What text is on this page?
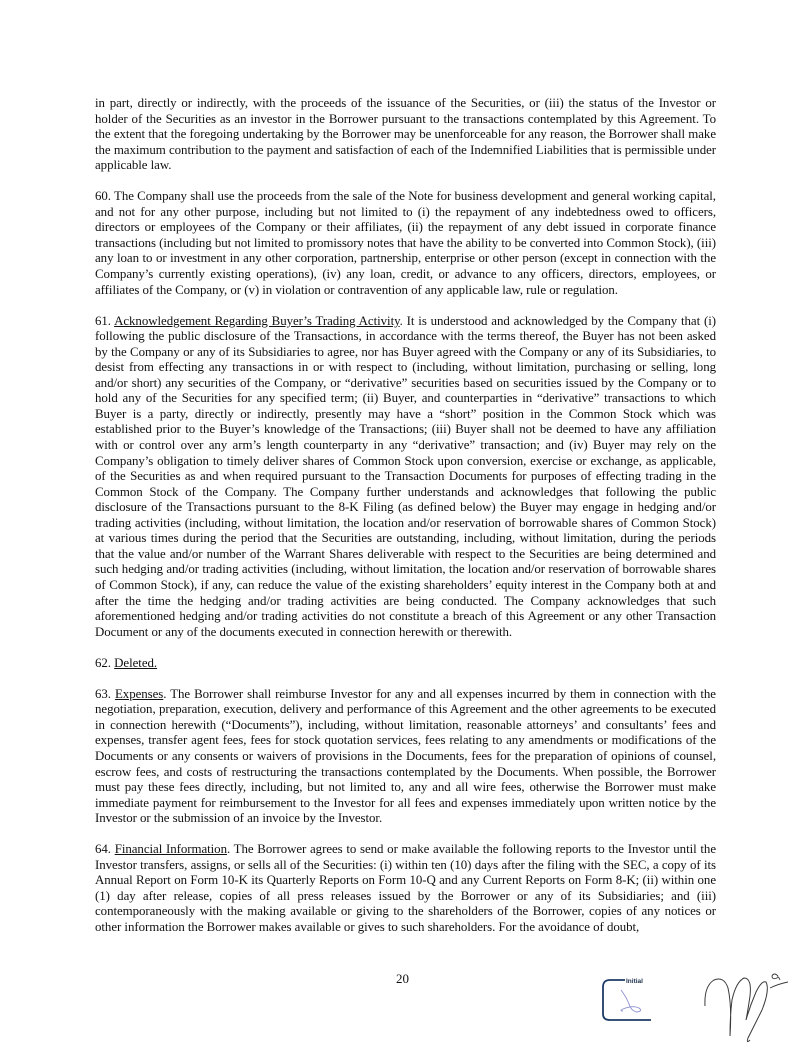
in part, directly or indirectly, with the proceeds of the issuance of the Securities, or (iii) the status of the Investor or holder of the Securities as an investor in the Borrower pursuant to the transactions contemplated by this Agreement. To the extent that the foregoing undertaking by the Borrower may be unenforceable for any reason, the Borrower shall make the maximum contribution to the payment and satisfaction of each of the Indemnified Liabilities that is permissible under applicable law.

60. The Company shall use the proceeds from the sale of the Note for business development and general working capital, and not for any other purpose, including but not limited to (i) the repayment of any indebtedness owed to officers, directors or employees of the Company or their affiliates, (ii) the repayment of any debt issued in corporate finance transactions (including but not limited to promissory notes that have the ability to be converted into Common Stock), (iii) any loan to or investment in any other corporation, partnership, enterprise or other person (except in connection with the Company’s currently existing operations), (iv) any loan, credit, or advance to any officers, directors, employees, or affiliates of the Company, or (v) in violation or contravention of any applicable law, rule or regulation.

61. Acknowledgement Regarding Buyer’s Trading Activity. It is understood and acknowledged by the Company that (i) following the public disclosure of the Transactions, in accordance with the terms thereof, the Buyer has not been asked by the Company or any of its Subsidiaries to agree, nor has Buyer agreed with the Company or any of its Subsidiaries, to desist from effecting any transactions in or with respect to (including, without limitation, purchasing or selling, long and/or short) any securities of the Company, or “derivative” securities based on securities issued by the Company or to hold any of the Securities for any specified term; (ii) Buyer, and counterparties in “derivative” transactions to which Buyer is a party, directly or indirectly, presently may have a “short” position in the Common Stock which was established prior to the Buyer’s knowledge of the Transactions; (iii) Buyer shall not be deemed to have any affiliation with or control over any arm’s length counterparty in any “derivative” transaction; and (iv) Buyer may rely on the Company’s obligation to timely deliver shares of Common Stock upon conversion, exercise or exchange, as applicable, of the Securities as and when required pursuant to the Transaction Documents for purposes of effecting trading in the Common Stock of the Company. The Company further understands and acknowledges that following the public disclosure of the Transactions pursuant to the 8-K Filing (as defined below) the Buyer may engage in hedging and/or trading activities (including, without limitation, the location and/or reservation of borrowable shares of Common Stock) at various times during the period that the Securities are outstanding, including, without limitation, during the periods that the value and/or number of the Warrant Shares deliverable with respect to the Securities are being determined and such hedging and/or trading activities (including, without limitation, the location and/or reservation of borrowable shares of Common Stock), if any, can reduce the value of the existing shareholders’ equity interest in the Company both at and after the time the hedging and/or trading activities are being conducted. The Company acknowledges that such aforementioned hedging and/or trading activities do not constitute a breach of this Agreement or any other Transaction Document or any of the documents executed in connection herewith or therewith.

62. Deleted.

63. Expenses. The Borrower shall reimburse Investor for any and all expenses incurred by them in connection with the negotiation, preparation, execution, delivery and performance of this Agreement and the other agreements to be executed in connection herewith (“Documents”), including, without limitation, reasonable attorneys’ and consultants’ fees and expenses, transfer agent fees, fees for stock quotation services, fees relating to any amendments or modifications of the Documents or any consents or waivers of provisions in the Documents, fees for the preparation of opinions of counsel, escrow fees, and costs of restructuring the transactions contemplated by the Documents. When possible, the Borrower must pay these fees directly, including, but not limited to, any and all wire fees, otherwise the Borrower must make immediate payment for reimbursement to the Investor for all fees and expenses immediately upon written notice by the Investor or the submission of an invoice by the Investor.

64. Financial Information. The Borrower agrees to send or make available the following reports to the Investor until the Investor transfers, assigns, or sells all of the Securities: (i) within ten (10) days after the filing with the SEC, a copy of its Annual Report on Form 10-K its Quarterly Reports on Form 10-Q and any Current Reports on Form 8-K; (ii) within one (1) day after release, copies of all press releases issued by the Borrower or any of its Subsidiaries; and (iii) contemporaneously with the making available or giving to the shareholders of the Borrower, copies of any notices or other information the Borrower makes available or gives to such shareholders. For the avoidance of doubt,

20	Initial
